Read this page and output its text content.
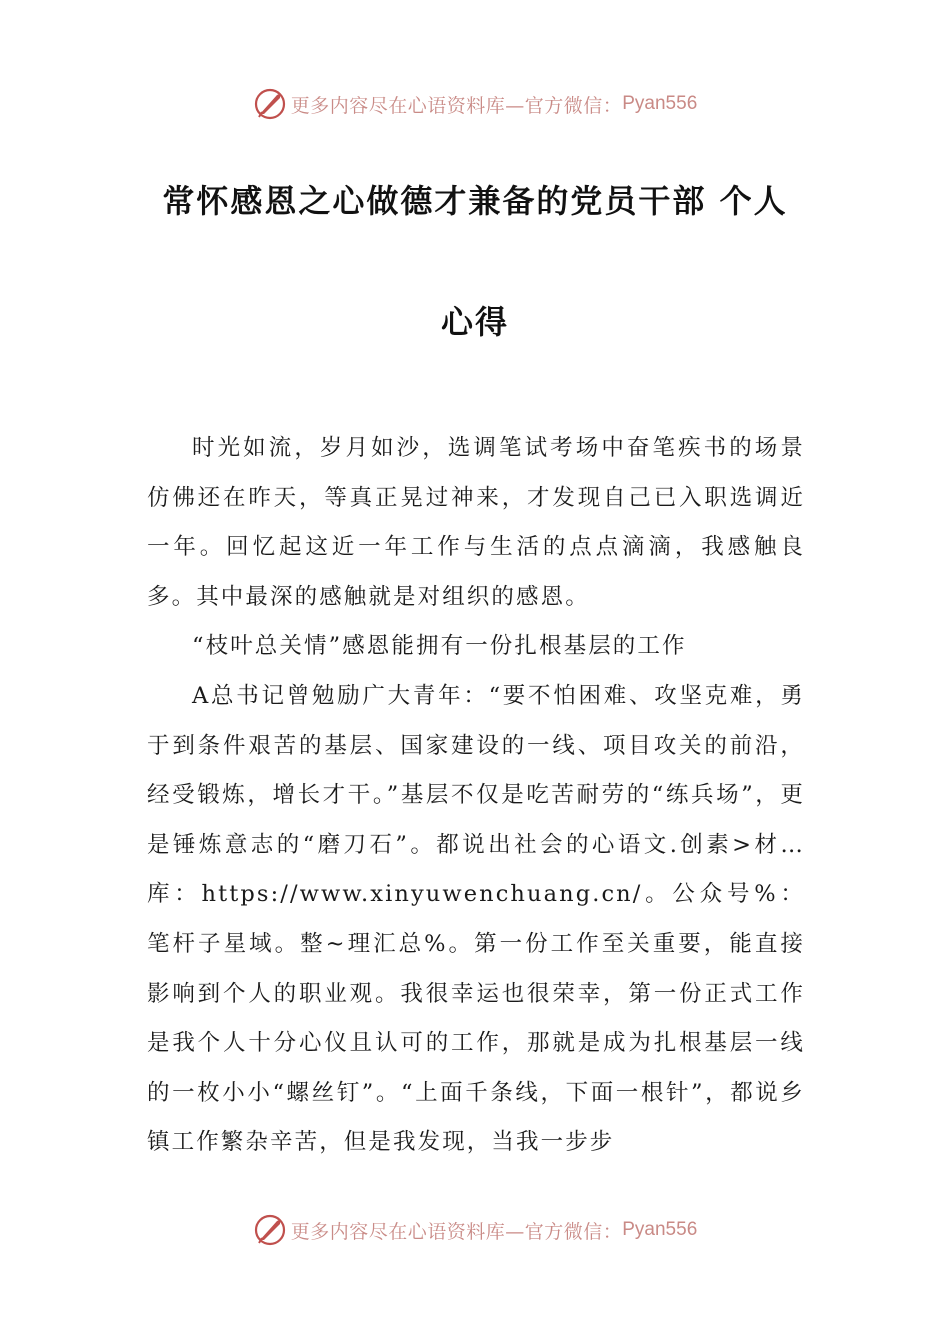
更多内容尽在心语资料库—官方微信： Pyan556
常怀感恩之心做德才兼备的党员干部 个人
心得

时光如流，岁月如沙，选调笔试考场中奋笔疾书的场景仿佛还在昨天，等真正晃过神来，才发现自己已入职选调近一年。回忆起这近一年工作与生活的点点滴滴，我感触良多。其中最深的感触就是对组织的感恩。

“枝叶总关情”感恩能拥有一份扎根基层的工作

A总书记曾勉励广大青年：“要不怕困难、攻坚克难，勇于到条件艰苦的基层、国家建设的一线、项目攻关的前沿，经受锻炼，增长才干。”基层不仅是吃苦耐劳的“练兵场”，更是锤炼意志的“磨刀石”。都说出社会的心语文.创素>材…库：https://www.xinyuwenchuang.cn/。公众号%：笔杆子星域。整~理汇总%。第一份工作至关重要，能直接影响到个人的职业观。我很幸运也很荣幸，第一份正式工作是我个人十分心仪且认可的工作，那就是成为扎根基层一线的一枚小小“螺丝钉”。“上面千条线，下面一根针”，都说乡镇工作繁杂辛苦，但是我发现，当我一步步

更多内容尽在心语资料库—官方微信： Pyan556
